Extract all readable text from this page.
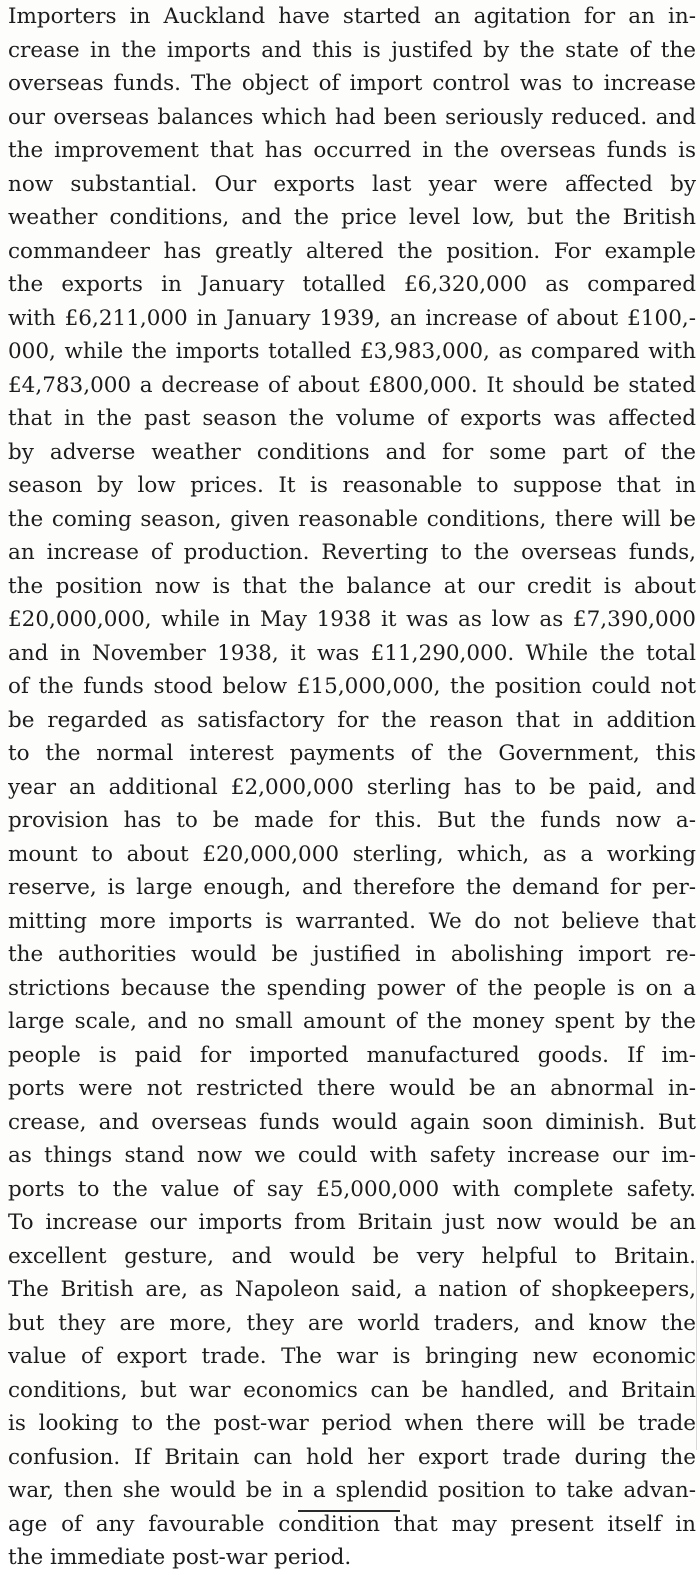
Importers in Auckland have started an agitation for an in-
crease in the imports and this is justifed by the state of the
overseas funds. The object of import control was to increase
our overseas balances which had been seriously reduced. and
the improvement that has occurred in the overseas funds is
now substantial. Our exports last year were affected by
weather conditions, and the price level low, but the British
commandeer has greatly altered the position. For example
the exports in January totalled £6,320,000 as compared
with £6,211,000 in January 1939, an increase of about £100,-
000, while the imports totalled £3,983,000, as compared with
£4,783,000 a decrease of about £800,000. It should be stated
that in the past season the volume of exports was affected
by adverse weather conditions and for some part of the
season by low prices. It is reasonable to suppose that in
the coming season, given reasonable conditions, there will be
an increase of production. Reverting to the overseas funds,
the position now is that the balance at our credit is about
£20,000,000, while in May 1938 it was as low as £7,390,000
and in November 1938, it was £11,290,000. While the total
of the funds stood below £15,000,000, the position could not
be regarded as satisfactory for the reason that in addition
to the normal interest payments of the Government, this
year an additional £2,000,000 sterling has to be paid, and
provision has to be made for this. But the funds now a-
mount to about £20,000,000 sterling, which, as a working
reserve, is large enough, and therefore the demand for per-
mitting more imports is warranted. We do not believe that
the authorities would be justified in abolishing import re-
strictions because the spending power of the people is on a
large scale, and no small amount of the money spent by the
people is paid for imported manufactured goods. If im-
ports were not restricted there would be an abnormal in-
crease, and overseas funds would again soon diminish. But
as things stand now we could with safety increase our im-
ports to the value of say £5,000,000 with complete safety.
To increase our imports from Britain just now would be an
excellent gesture, and would be very helpful to Britain.
The British are, as Napoleon said, a nation of shopkeepers,
but they are more, they are world traders, and know the
value of export trade. The war is bringing new economic
conditions, but war economics can be handled, and Britain
is looking to the post-war period when there will be trade
confusion. If Britain can hold her export trade during the
war, then she would be in a splendid position to take advan-
age of any favourable condition that may present itself in
the immediate post-war period.
